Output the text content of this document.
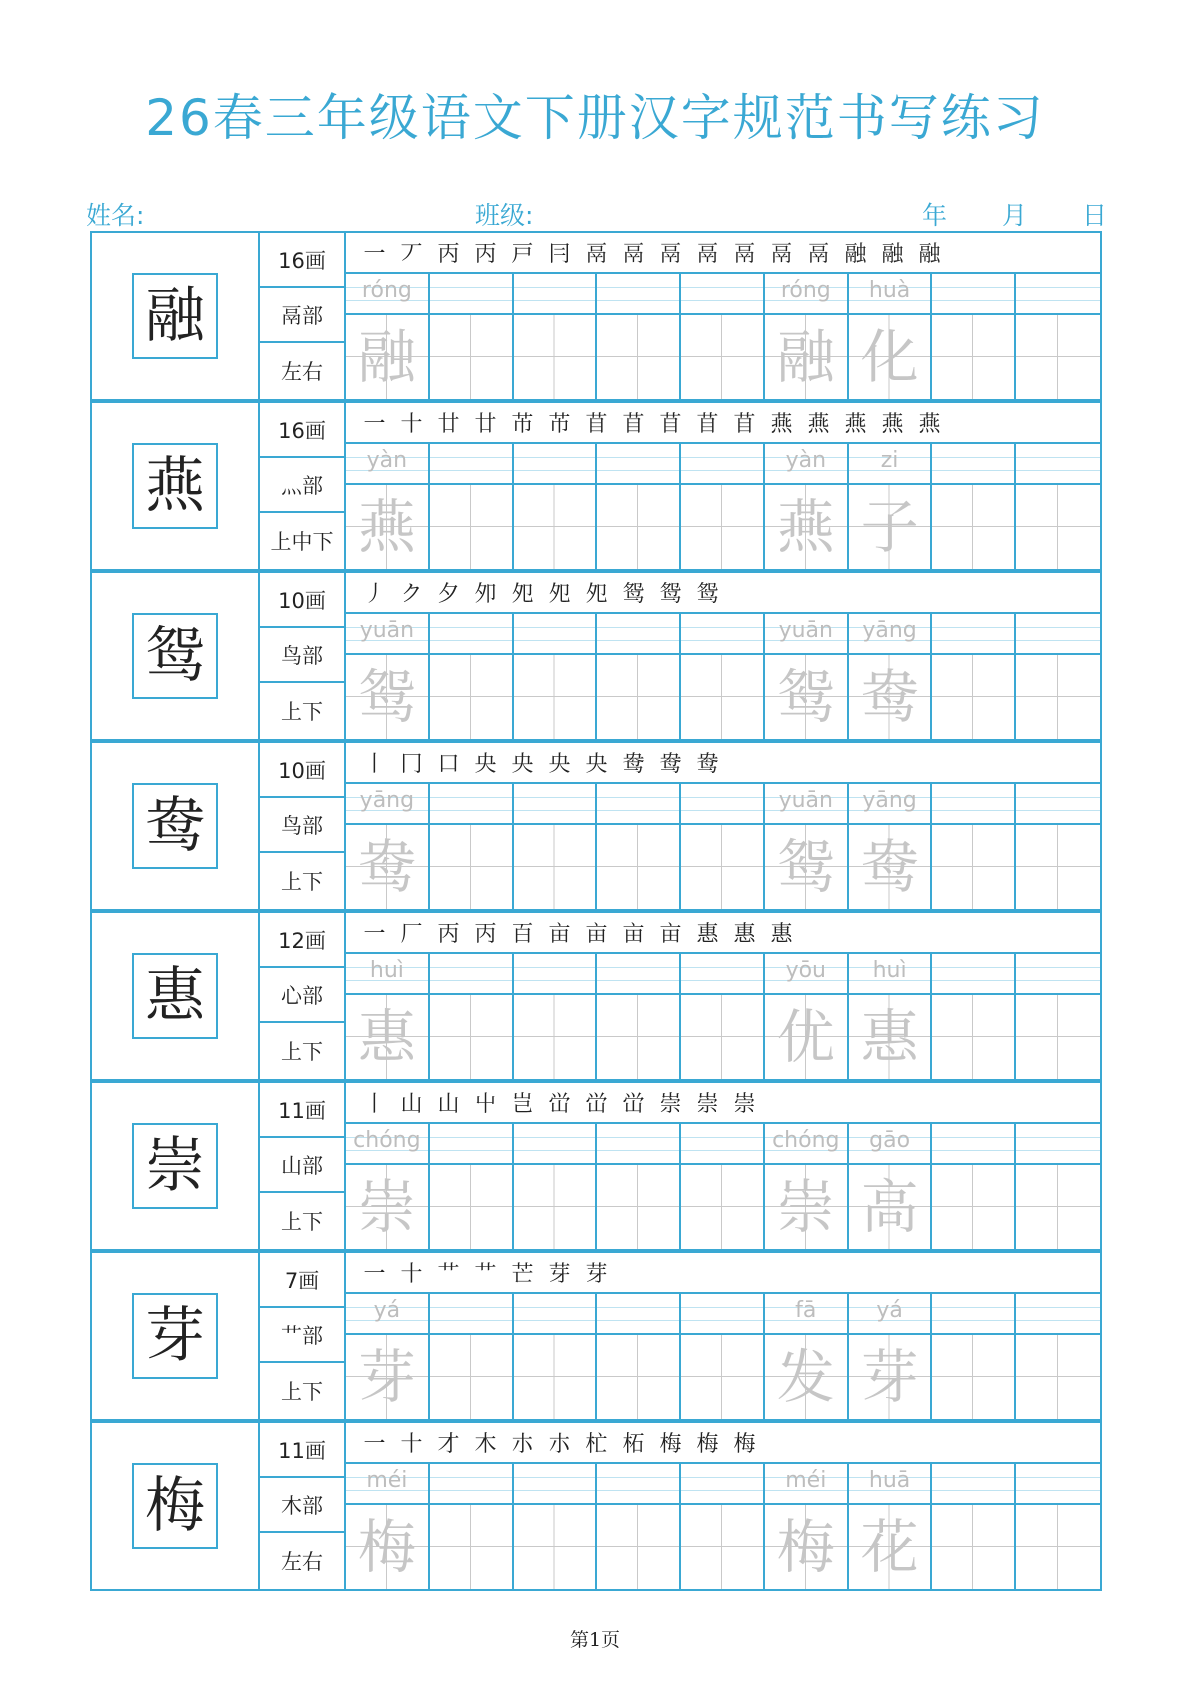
26春三年级语文下册汉字规范书写练习
姓名:	班级:	年 月 日
融
16画
鬲部
左右
一 丆 丙 丙 戸 冃 鬲 鬲 鬲 鬲 鬲 鬲 鬲 融 融 融
róng
融
róng
融
huà
化
燕
16画
灬部
上中下
一 十 廿 廿 芇 芇 苜 苜 苜 苜 苜 燕 燕 燕 燕 燕
yàn
燕
yàn
燕
zi
子
鸳
10画
鸟部
上下
丿 ク 夕 夘 夗 夗 夗 鸳 鸳 鸳
yuān
鸳
yuān
鸳
yāng
鸯
鸯
10画
鸟部
上下
丨 冂 口 央 央 央 央 鸯 鸯 鸯
yāng
鸯
yuān
鸳
yāng
鸯
惠
12画
心部
上下
一 厂 丙 丙 百 亩 亩 亩 亩 惠 惠 惠
huì
惠
yōu
优
huì
惠
崇
11画
山部
上下
丨 山 山 屮 岂 峃 峃 峃 崇 崇 崇
chóng
崇
chóng
崇
gāo
高
芽
7画
艹部
上下
一 十 艹 艹 芒 芽 芽
yá
芽
fā
发
yá
芽
梅
11画
木部
左右
一 十 才 木 朩 朩 杧 柘 梅 梅 梅
méi
梅
méi
梅
huā
花
第1页
